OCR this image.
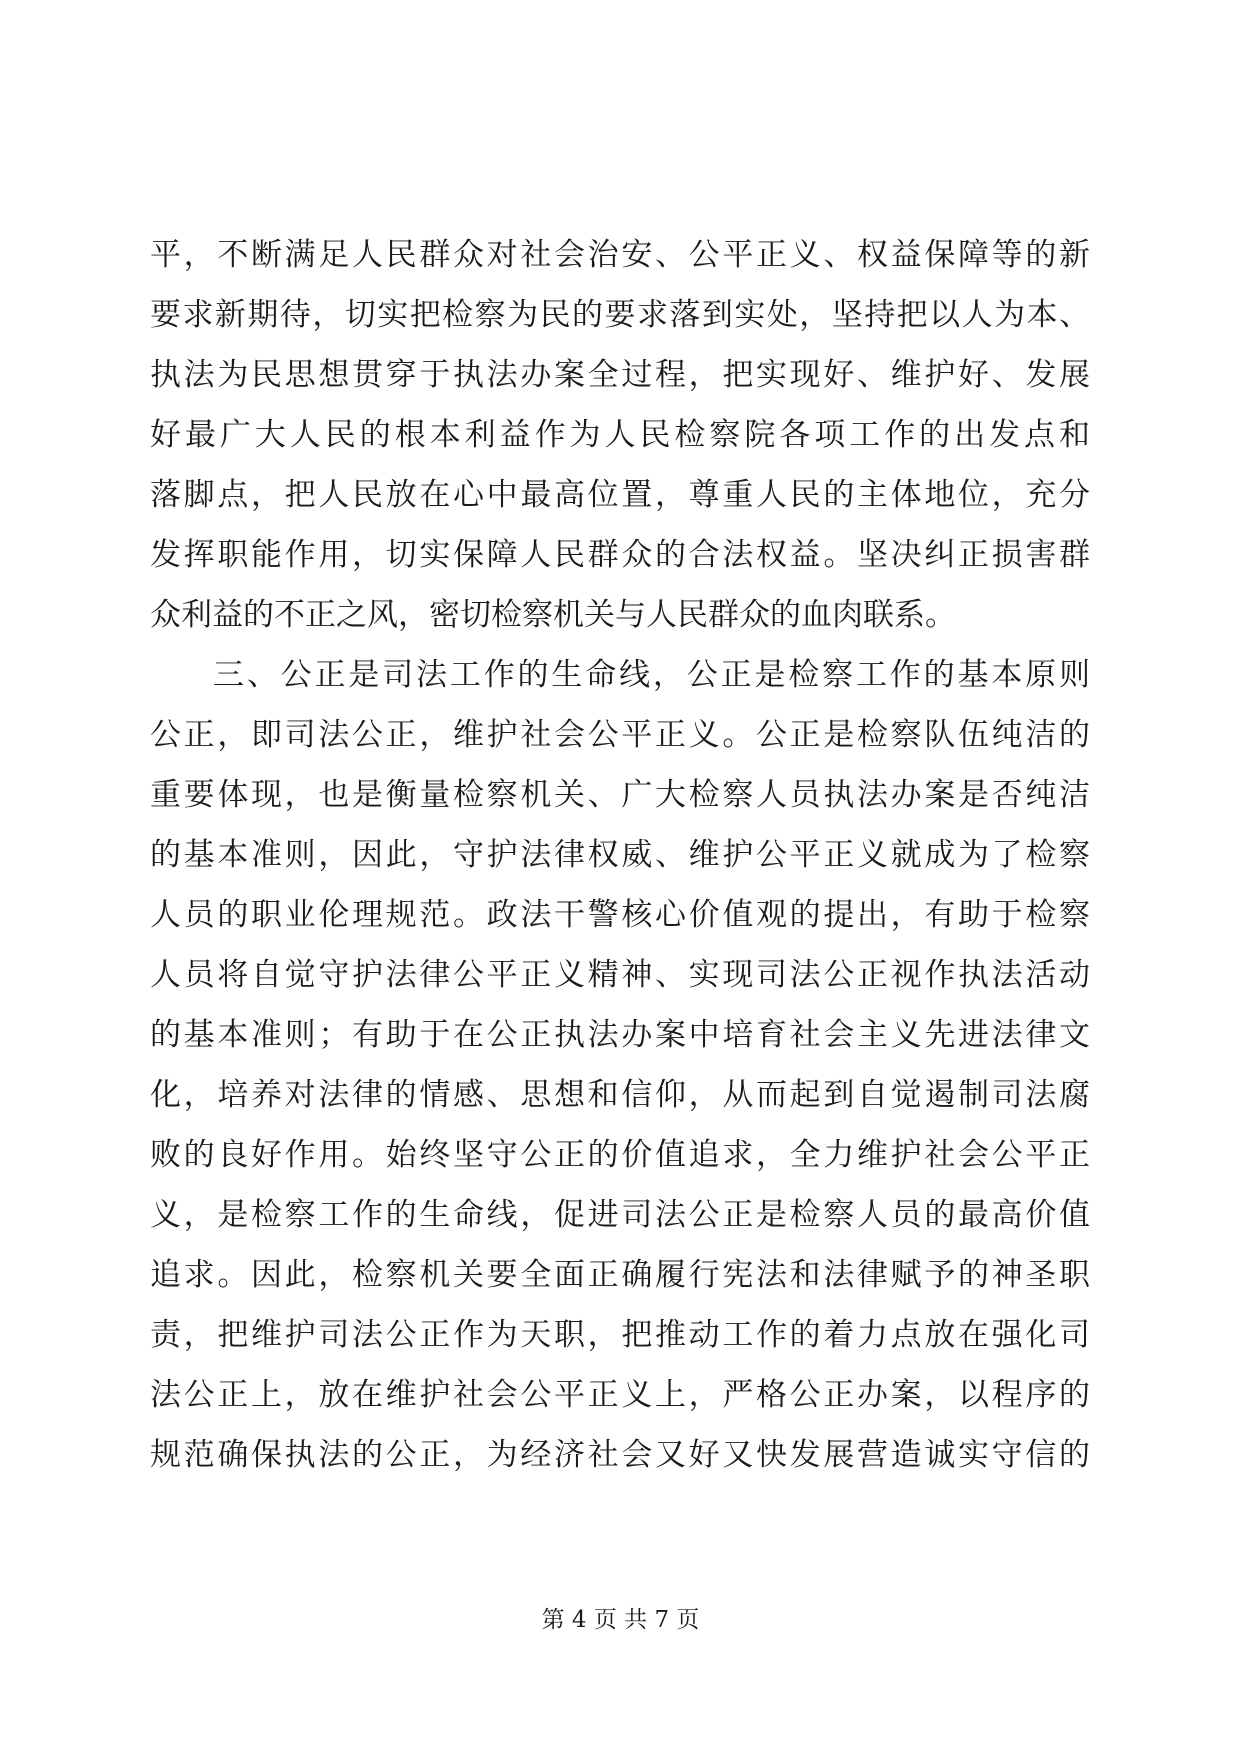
平，不断满足人民群众对社会治安、公平正义、权益保障等的新
要求新期待，切实把检察为民的要求落到实处，坚持把以人为本、
执法为民思想贯穿于执法办案全过程，把实现好、维护好、发展
好最广大人民的根本利益作为人民检察院各项工作的出发点和
落脚点，把人民放在心中最高位置，尊重人民的主体地位，充分
发挥职能作用，切实保障人民群众的合法权益。坚决纠正损害群
众利益的不正之风，密切检察机关与人民群众的血肉联系。
三、公正是司法工作的生命线，公正是检察工作的基本原则
公正，即司法公正，维护社会公平正义。公正是检察队伍纯洁的
重要体现，也是衡量检察机关、广大检察人员执法办案是否纯洁
的基本准则，因此，守护法律权威、维护公平正义就成为了检察
人员的职业伦理规范。政法干警核心价值观的提出，有助于检察
人员将自觉守护法律公平正义精神、实现司法公正视作执法活动
的基本准则；有助于在公正执法办案中培育社会主义先进法律文
化，培养对法律的情感、思想和信仰，从而起到自觉遏制司法腐
败的良好作用。始终坚守公正的价值追求，全力维护社会公平正
义，是检察工作的生命线，促进司法公正是检察人员的最高价值
追求。因此，检察机关要全面正确履行宪法和法律赋予的神圣职
责，把维护司法公正作为天职，把推动工作的着力点放在强化司
法公正上，放在维护社会公平正义上，严格公正办案，以程序的
规范确保执法的公正，为经济社会又好又快发展营造诚实守信的
第 4 页 共 7 页
